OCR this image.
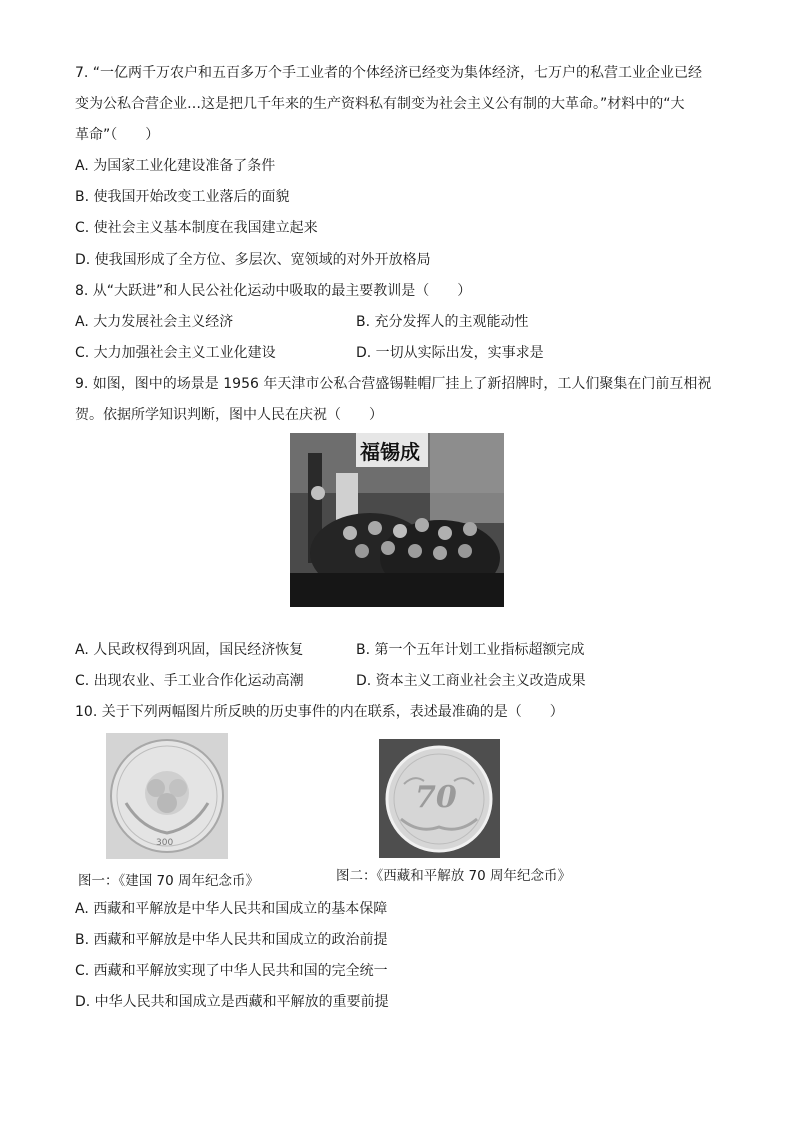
7. “一亿两千万农户和五百多万个手工业者的个体经济已经变为集体经济，七万户的私营工业企业已经
变为公私合营企业…这是把几千年来的生产资料私有制变为社会主义公有制的大革命。”材料中的“大
革命”（　　）
A. 为国家工业化建设准备了条件
B. 使我国开始改变工业落后的面貌
C. 使社会主义基本制度在我国建立起来
D. 使我国形成了全方位、多层次、宽领域的对外开放格局
8. 从“大跃进”和人民公社化运动中吸取的最主要教训是（　　）
A. 大力发展社会主义经济	B. 充分发挥人的主观能动性
C. 大力加强社会主义工业化建设	D. 一切从实际出发，实事求是
9. 如图，图中的场景是 1956 年天津市公私合营盛锡鞋帽厂挂上了新招牌时，工人们聚集在门前互相祝
贺。依据所学知识判断，图中人民在庆祝（　　）
福锡成
A. 人民政权得到巩固，国民经济恢复	B. 第一个五年计划工业指标超额完成
C. 出现农业、手工业合作化运动高潮	D. 资本主义工商业社会主义改造成果
10. 关于下列两幅图片所反映的历史事件的内在联系，表述最准确的是（　　）
300
70
图一：《建国 70 周年纪念币》	图二：《西藏和平解放 70 周年纪念币》
A. 西藏和平解放是中华人民共和国成立的基本保障
B. 西藏和平解放是中华人民共和国成立的政治前提
C. 西藏和平解放实现了中华人民共和国的完全统一
D. 中华人民共和国成立是西藏和平解放的重要前提
